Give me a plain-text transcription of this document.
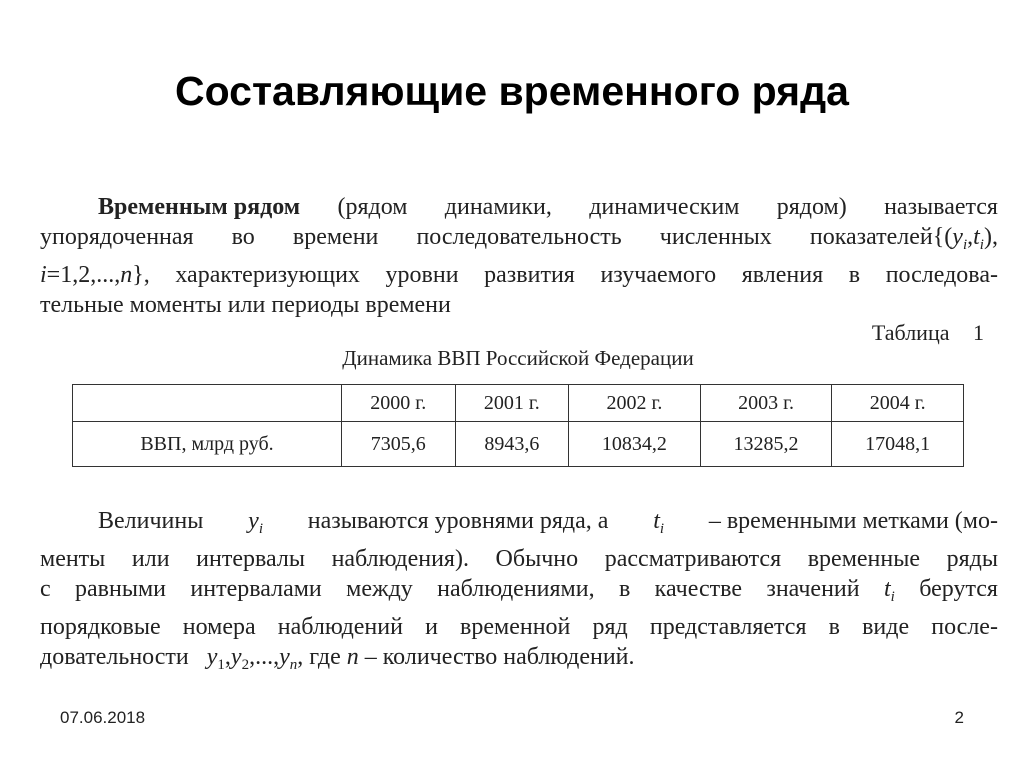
Составляющие временного ряда
Временным рядом (рядом динамики, динамическим рядом) называется
упорядоченная во времени последовательность численных $показателей\{(y_i,t_i)$,
i=1,2,...,n}, характеризующих уровни развития изучаемого явления в последова-
тельные моменты или периоды времени
Таблица 1
Динамика ВВП Российской Федерации
	2000 г.	2001 г.	2002 г.	2003 г.	2004 г.
ВВП, млрд руб.	7305,6	8943,6	10834,2	13285,2	17048,1
Величины $y_i$ называются уровнями ряда, а $t_i$ – временными метками (мо-
менты или интервалы наблюдения). Обычно рассматриваются временные ряды
с равными интервалами между наблюдениями, в качестве значений $t_i$ берутся
порядковые номера наблюдений и временной ряд представляется в виде после-
довательности $y_1,y_2,...,y_n$, где n – количество наблюдений.
07.06.2018	2
